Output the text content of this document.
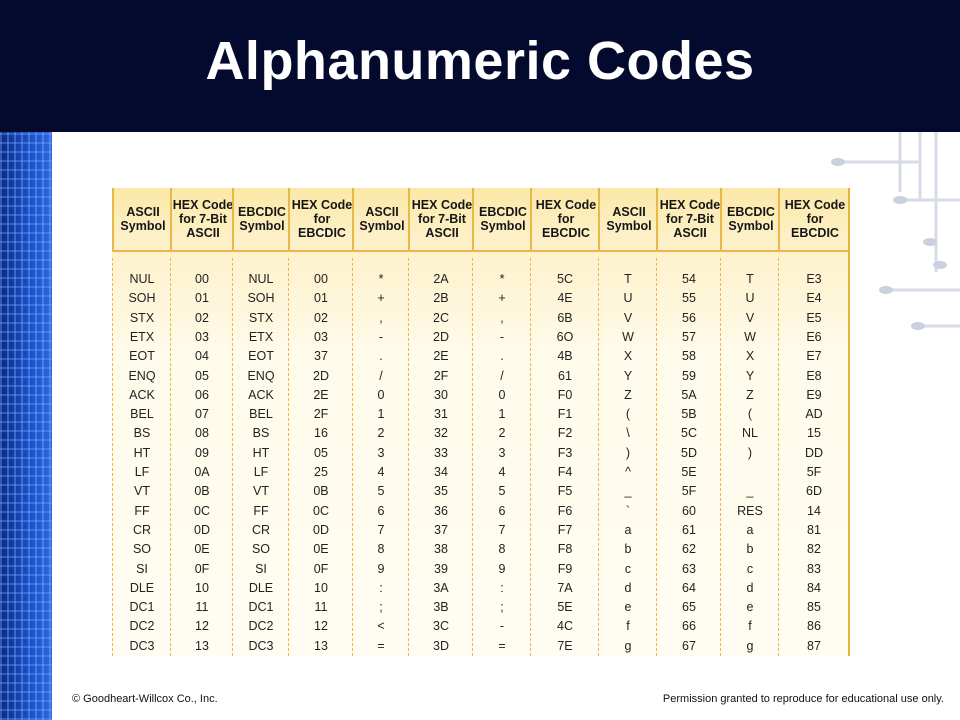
Alphanumeric Codes
ASCII
Symbol
NUL
SOH
STX
ETX
EOT
ENQ
ACK
BEL
BS
HT
LF
VT
FF
CR
SO
SI
DLE
DC1
DC2
DC3
HEX Code
for 7-Bit
ASCII
00
01
02
03
04
05
06
07
08
09
0A
0B
0C
0D
0E
0F
10
11
12
13
EBCDIC
Symbol
NUL
SOH
STX
ETX
EOT
ENQ
ACK
BEL
BS
HT
LF
VT
FF
CR
SO
SI
DLE
DC1
DC2
DC3
HEX Code
for
EBCDIC
00
01
02
03
37
2D
2E
2F
16
05
25
0B
0C
0D
0E
0F
10
11
12
13
ASCII
Symbol
*
+
,
-
.
/
0
1
2
3
4
5
6
7
8
9
:
;
<
=
HEX Code
for 7-Bit
ASCII
2A
2B
2C
2D
2E
2F
30
31
32
33
34
35
36
37
38
39
3A
3B
3C
3D
EBCDIC
Symbol
*
+
,
-
.
/
0
1
2
3
4
5
6
7
8
9
:
;
-
=
HEX Code
for
EBCDIC
5C
4E
6B
6O
4B
61
F0
F1
F2
F3
F4
F5
F6
F7
F8
F9
7A
5E
4C
7E
ASCII
Symbol
T
U
V
W
X
Y
Z
(
\
)
^
_
`
a
b
c
d
e
f
g
HEX Code
for 7-Bit
ASCII
54
55
56
57
58
59
5A
5B
5C
5D
5E
5F
60
61
62
63
64
65
66
67
EBCDIC
Symbol
T
U
V
W
X
Y
Z
(
NL
)
_
RES
a
b
c
d
e
f
g
HEX Code
for
EBCDIC
E3
E4
E5
E6
E7
E8
E9
AD
15
DD
5F
6D
14
81
82
83
84
85
86
87
© Goodheart-Willcox Co., Inc.	Permission granted to reproduce for educational use only.
